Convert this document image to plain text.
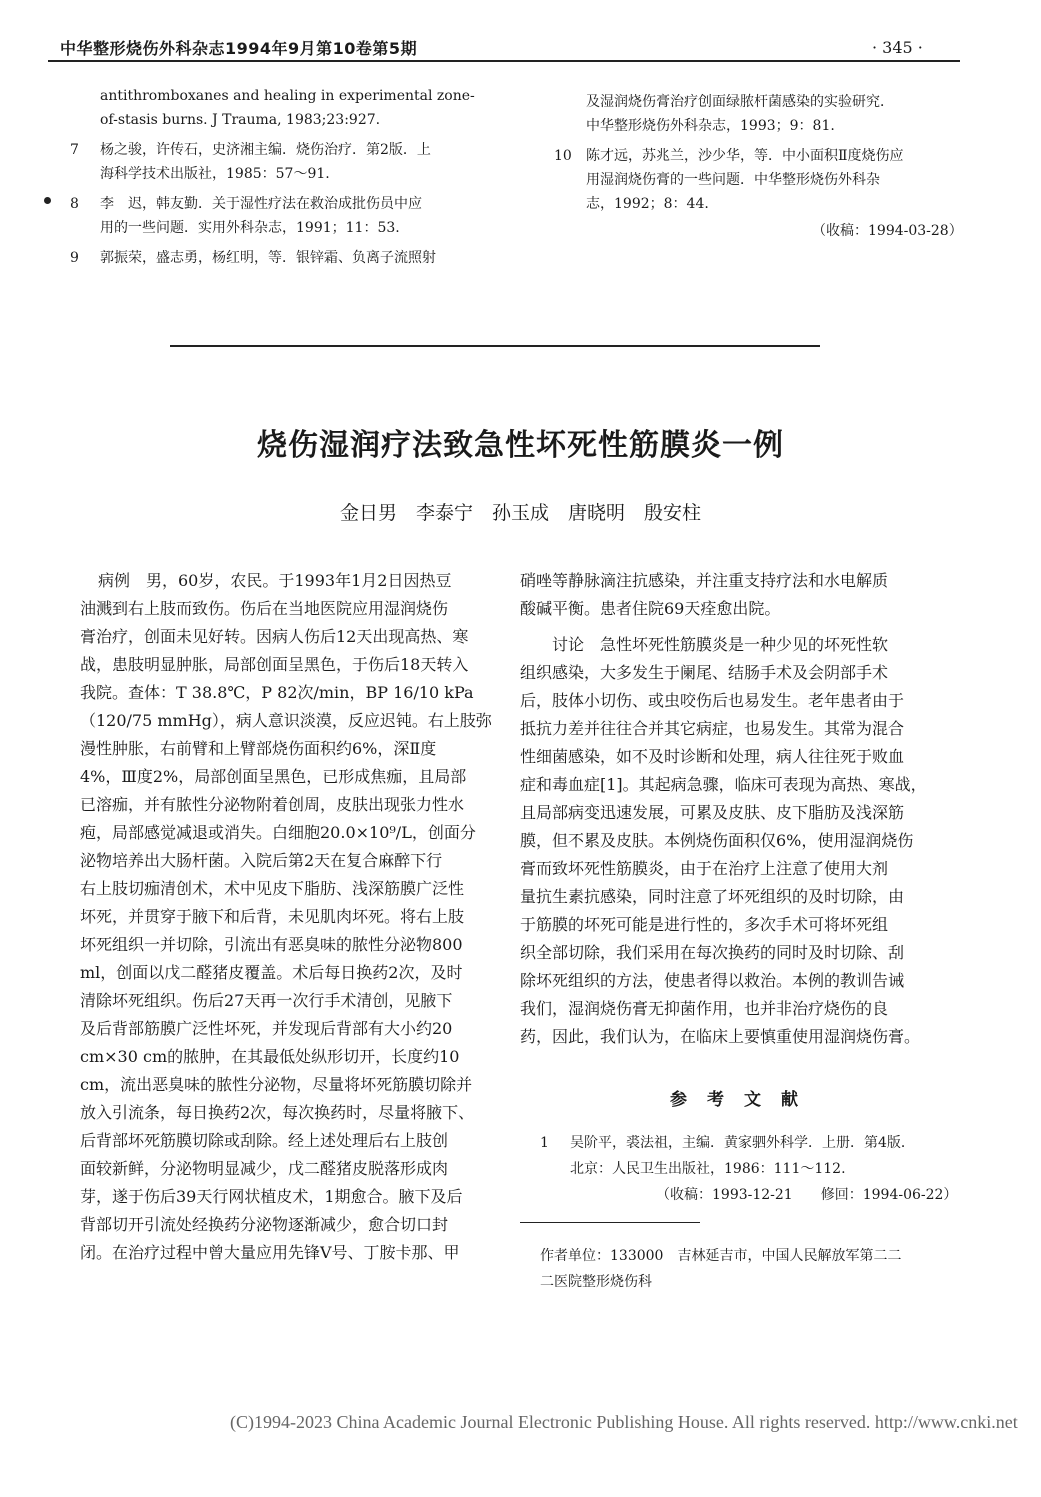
中华整形烧伤外科杂志1994年9月第10卷第5期	· 345 ·
antithromboxanes and healing in experimental zone-
of-stasis burns. J Trauma, 1983;23:927.
7 杨之骏，许传石，史济湘主编．烧伤治疗．第2版．上
海科学技术出版社，1985：57～91.
8 李　迟，韩友勤．关于湿性疗法在救治成批伤员中应
用的一些问题．实用外科杂志，1991；11：53.
9 郭振荣，盛志勇，杨红明，等．银锌霜、负离子流照射
及湿润烧伤膏治疗创面绿脓杆菌感染的实验研究．
中华整形烧伤外科杂志，1993；9：81.
10 陈才远，苏兆兰，沙少华，等．中小面积Ⅱ度烧伤应
用湿润烧伤膏的一些问题．中华整形烧伤外科杂
志，1992；8：44.
（收稿：1994-03-28）
烧伤湿润疗法致急性坏死性筋膜炎一例
金日男　李泰宁　孙玉成　唐晓明　殷安柱
病例　男，60岁，农民。于1993年1月2日因热豆
油溅到右上肢而致伤。伤后在当地医院应用湿润烧伤
膏治疗，创面未见好转。因病人伤后12天出现高热、寒
战，患肢明显肿胀，局部创面呈黑色，于伤后18天转入
我院。查体：T 38.8℃，P 82次/min，BP 16/10 kPa
（120/75 mmHg），病人意识淡漠，反应迟钝。右上肢弥
漫性肿胀，右前臂和上臂部烧伤面积约6%，深Ⅱ度
4%，Ⅲ度2%，局部创面呈黑色，已形成焦痂，且局部
已溶痂，并有脓性分泌物附着创周，皮肤出现张力性水
疱，局部感觉减退或消失。白细胞20.0×10⁹/L，创面分
泌物培养出大肠杆菌。入院后第2天在复合麻醉下行
右上肢切痂清创术，术中见皮下脂肪、浅深筋膜广泛性
坏死，并贯穿于腋下和后背，未见肌肉坏死。将右上肢
坏死组织一并切除，引流出有恶臭味的脓性分泌物800
ml，创面以戊二醛猪皮覆盖。术后每日换药2次，及时
清除坏死组织。伤后27天再一次行手术清创，见腋下
及后背部筋膜广泛性坏死，并发现后背部有大小约20
cm×30 cm的脓肿，在其最低处纵形切开，长度约10
cm，流出恶臭味的脓性分泌物，尽量将坏死筋膜切除并
放入引流条，每日换药2次，每次换药时，尽量将腋下、
后背部坏死筋膜切除或刮除。经上述处理后右上肢创
面较新鲜，分泌物明显减少，戊二醛猪皮脱落形成肉
芽，遂于伤后39天行网状植皮术，1期愈合。腋下及后
背部切开引流处经换药分泌物逐渐减少，愈合切口封
闭。在治疗过程中曾大量应用先锋Ⅴ号、丁胺卡那、甲
硝唑等静脉滴注抗感染，并注重支持疗法和水电解质
酸碱平衡。患者住院69天痊愈出院。
　　讨论　急性坏死性筋膜炎是一种少见的坏死性软
组织感染，大多发生于阑尾、结肠手术及会阴部手术
后，肢体小切伤、或虫咬伤后也易发生。老年患者由于
抵抗力差并往往合并其它病症，也易发生。其常为混合
性细菌感染，如不及时诊断和处理，病人往往死于败血
症和毒血症[1]。其起病急骤，临床可表现为高热、寒战，
且局部病变迅速发展，可累及皮肤、皮下脂肪及浅深筋
膜，但不累及皮肤。本例烧伤面积仅6%，使用湿润烧伤
膏而致坏死性筋膜炎，由于在治疗上注意了使用大剂
量抗生素抗感染，同时注意了坏死组织的及时切除，由
于筋膜的坏死可能是进行性的，多次手术可将坏死组
织全部切除，我们采用在每次换药的同时及时切除、刮
除坏死组织的方法，使患者得以救治。本例的教训告诫
我们，湿润烧伤膏无抑菌作用，也并非治疗烧伤的良
药，因此，我们认为，在临床上要慎重使用湿润烧伤膏。
参考文献
1 吴阶平，裘法祖，主编．黄家驷外科学．上册．第4版．
北京：人民卫生出版社，1986：111～112.
（收稿：1993-12-21　　修回：1994-06-22）
作者单位：133000　吉林延吉市，中国人民解放军第二二
二医院整形烧伤科
(C)1994-2023 China Academic Journal Electronic Publishing House. All rights reserved. http://www.cnki.net
